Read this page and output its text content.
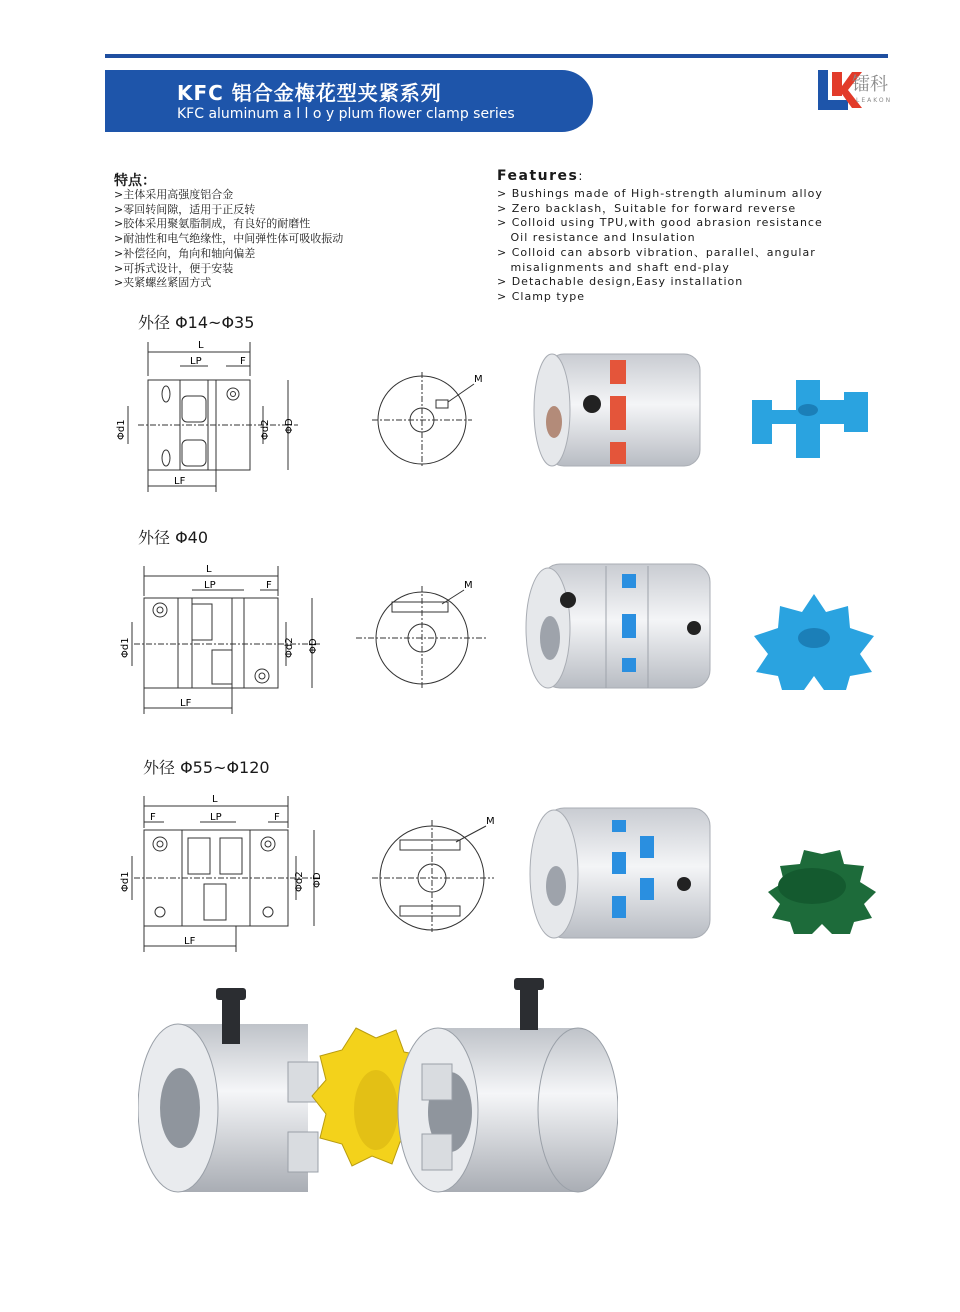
KFC 铝合金梅花型夹紧系列
KFC aluminum a l l o y plum flower clamp series
镭科
LEAKON
特点：
>主体采用高强度铝合金
>零回转间隙，适用于正反转
>胶体采用聚氨脂制成，有良好的耐磨性
>耐油性和电气绝缘性，中间弹性体可吸收振动
>补偿径向，角向和轴向偏差
>可拆式设计，便于安装
>夹紧螺丝紧固方式
Features:
> Bushings made of High-strength aluminum alloy
> Zero backlash，Suitable for forward reverse
> Colloid using TPU,with good abrasion resistance
Oil resistance and Insulation
> Colloid can absorb vibration、parallel、angular
misalignments and shaft end-play
> Detachable design,Easy installation
> Clamp type
外径 Φ14~Φ35
外径 Φ40
外径 Φ55~Φ120
L
LP	F
LF
Φd1	Φd2 ΦD
M
L
LP	F
LF
Φd1	Φd2 ΦD
M
L
LP
F	F
LF
Φd1	Φd2 ΦD
M
